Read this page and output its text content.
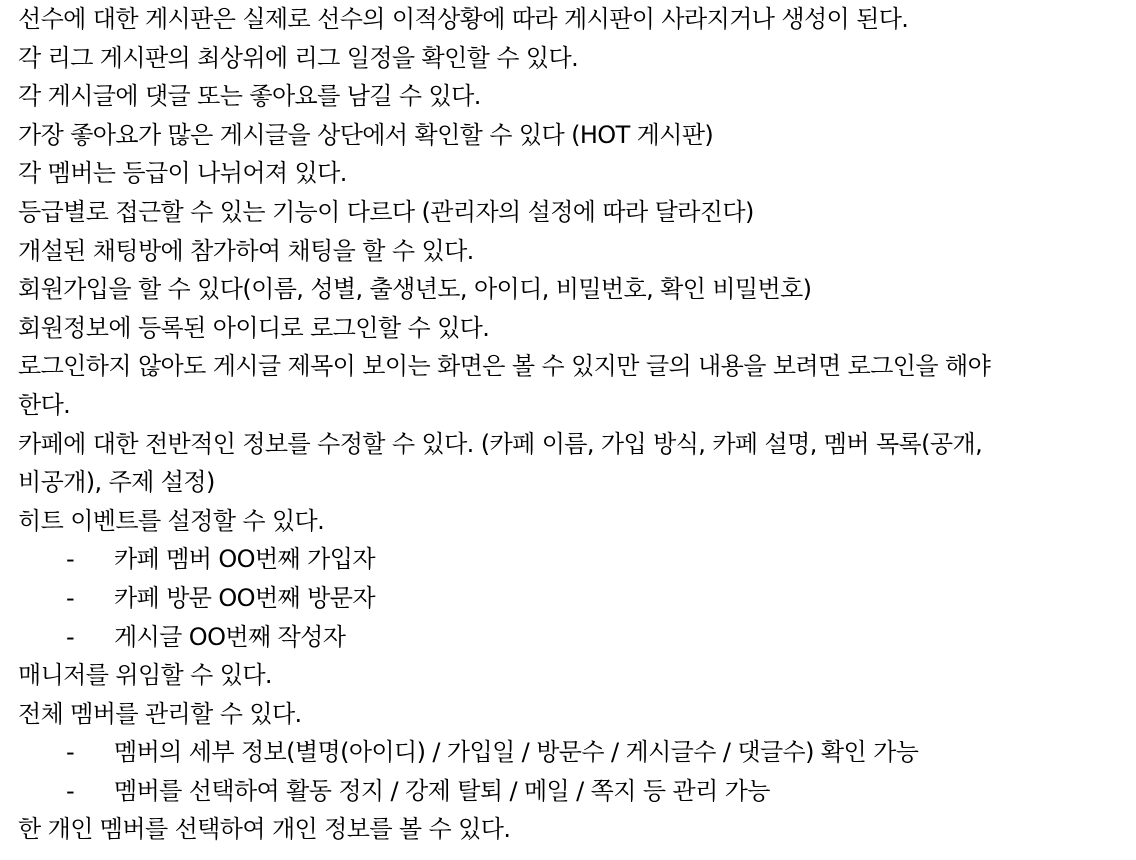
선수에 대한 게시판은 실제로 선수의 이적상황에 따라 게시판이 사라지거나 생성이 된다.
각 리그 게시판의 최상위에 리그 일정을 확인할 수 있다.
각 게시글에 댓글 또는 좋아요를 남길 수 있다.
가장 좋아요가 많은 게시글을 상단에서 확인할 수 있다 (HOT 게시판)
각 멤버는 등급이 나뉘어져 있다.
등급별로 접근할 수 있는 기능이 다르다 (관리자의 설정에 따라 달라진다)
개설된 채팅방에 참가하여 채팅을 할 수 있다.
회원가입을 할 수 있다(이름, 성별, 출생년도, 아이디, 비밀번호, 확인 비밀번호)
회원정보에 등록된 아이디로 로그인할 수 있다.
로그인하지 않아도 게시글 제목이 보이는 화면은 볼 수 있지만 글의 내용을 보려면 로그인을 해야
한다.
카페에 대한 전반적인 정보를 수정할 수 있다. (카페 이름, 가입 방식, 카페 설명, 멤버 목록(공개,
비공개), 주제 설정)
히트 이벤트를 설정할 수 있다.
-	카페 멤버 OO번째 가입자
-	카페 방문 OO번째 방문자
-	게시글 OO번째 작성자
매니저를 위임할 수 있다.
전체 멤버를 관리할 수 있다.
-	멤버의 세부 정보(별명(아이디) / 가입일 / 방문수 / 게시글수 / 댓글수) 확인 가능
-	멤버를 선택하여 활동 정지 / 강제 탈퇴 / 메일 / 쪽지 등 관리 가능
한 개인 멤버를 선택하여 개인 정보를 볼 수 있다.
